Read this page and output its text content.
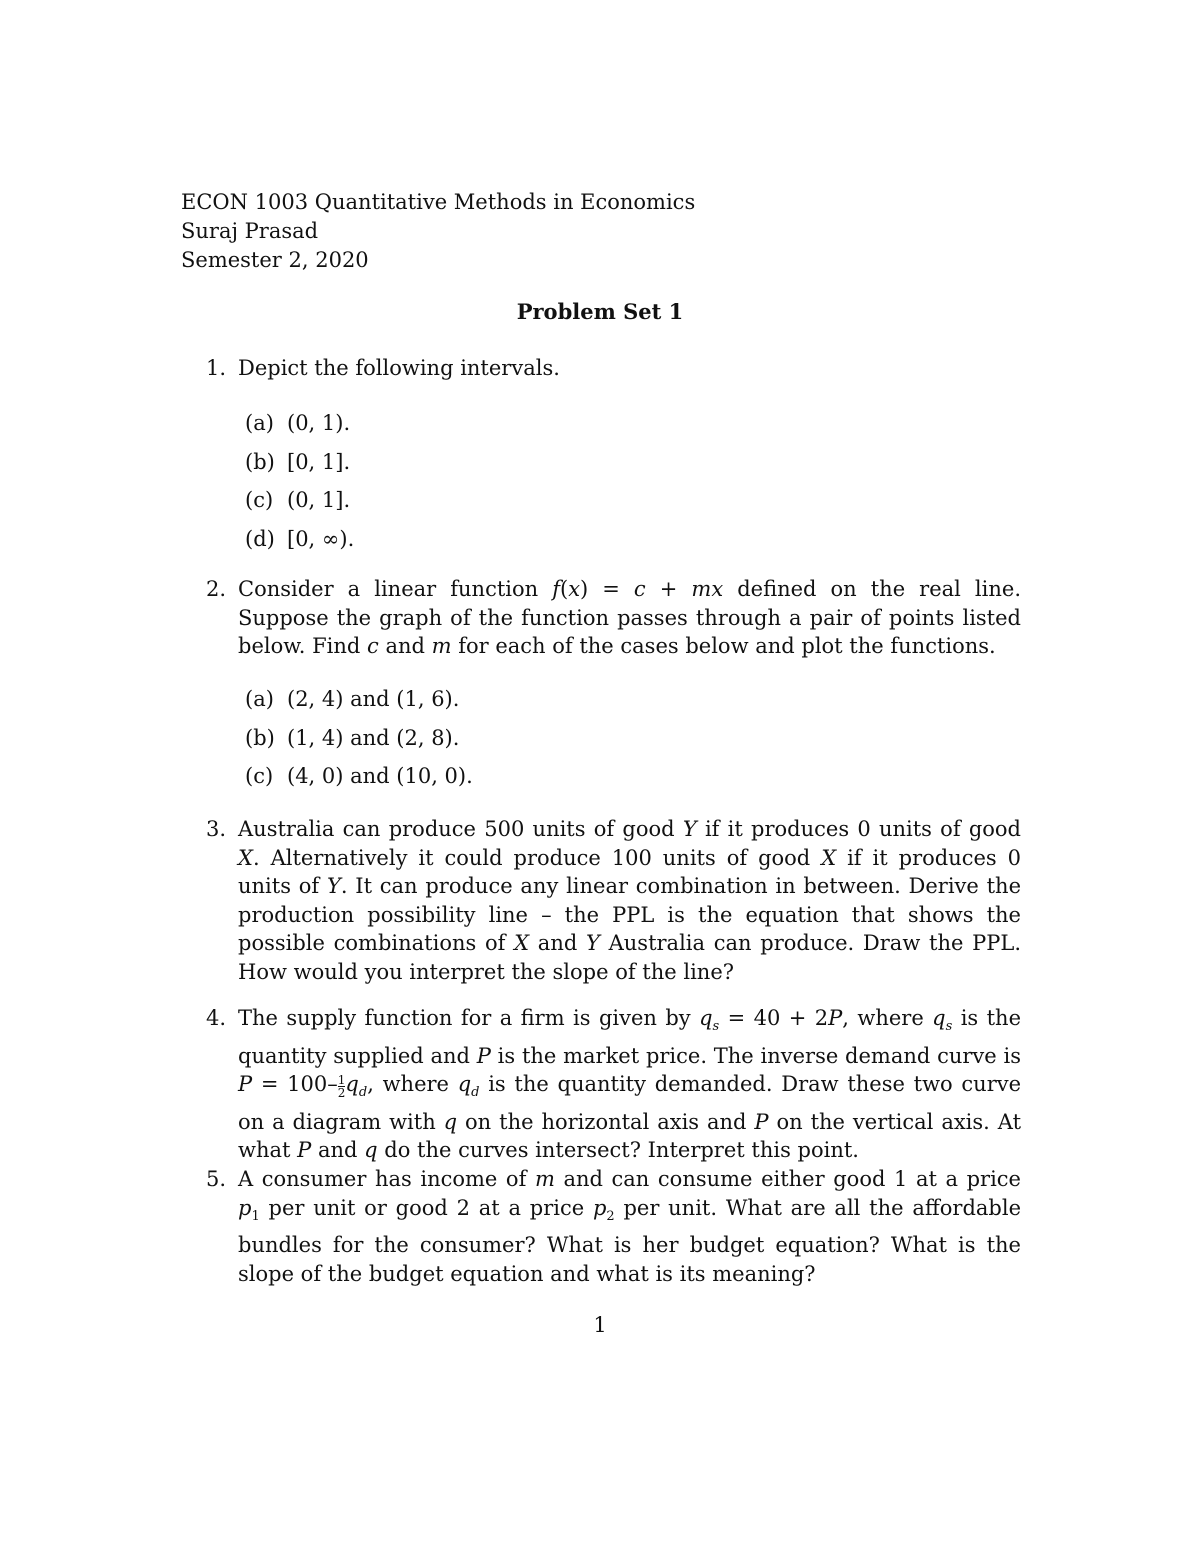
ECON 1003 Quantitative Methods in Economics
Suraj Prasad
Semester 2, 2020
Problem Set 1
1. Depict the following intervals.
(a) (0, 1).
(b) [0, 1].
(c) (0, 1].
(d) [0, ∞).
2. Consider a linear function f(x) = c + mx defined on the real line. Suppose the graph of the function passes through a pair of points listed below. Find c and m for each of the cases below and plot the functions.
(a) (2, 4) and (1, 6).
(b) (1, 4) and (2, 8).
(c) (4, 0) and (10, 0).
3. Australia can produce 500 units of good Y if it produces 0 units of good X. Alternatively it could produce 100 units of good X if it produces 0 units of Y. It can produce any linear combination in between. Derive the production possibility line – the PPL is the equation that shows the possible combinations of X and Y Australia can produce. Draw the PPL. How would you interpret the slope of the line?
4. The supply function for a firm is given by $q_s = 40 + 2P$, where $q_s$ is the quantity supplied and P is the market price. The inverse demand curve is $P = 100- \frac{1}{2} q_d$, where $q_d$ is the quantity demanded. Draw these two curve on a diagram with q on the horizontal axis and P on the vertical axis. At what P and q do the curves intersect? Interpret this point.
5. A consumer has income of m and can consume either good 1 at a price $p_1$ per unit or good 2 at a price $p_2$ per unit. What are all the affordable bundles for the consumer? What is her budget equation? What is the slope of the budget equation and what is its meaning?
1
